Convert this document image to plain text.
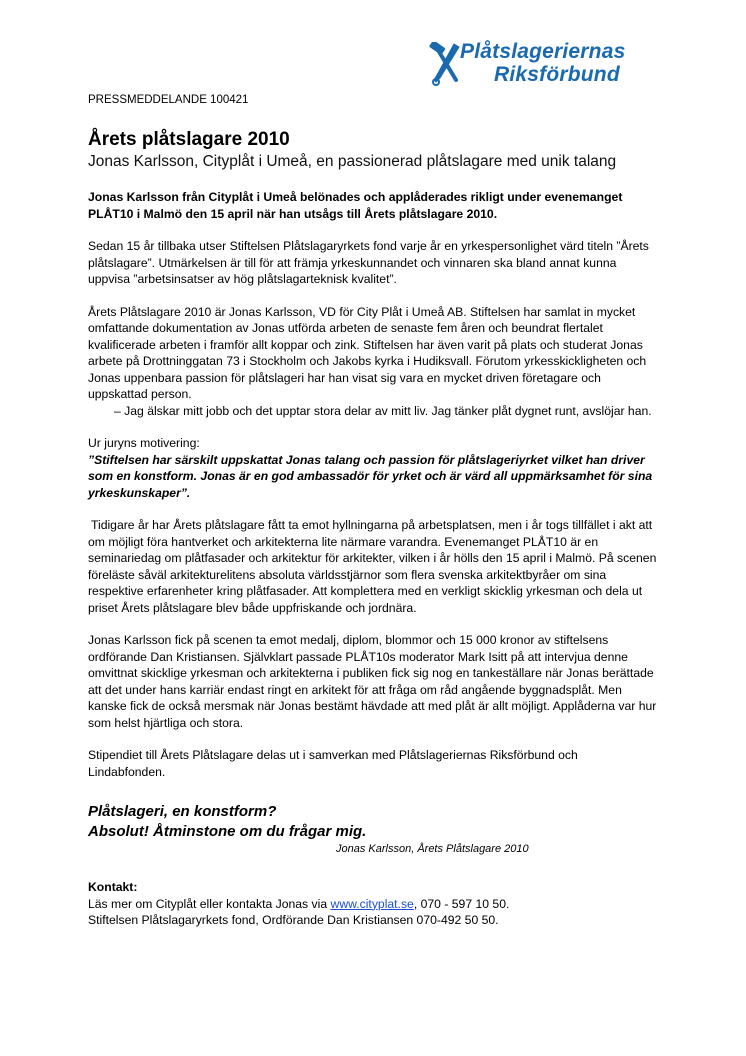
Plåtslageriernas
Riksförbund
PRESSMEDDELANDE 100421
Årets plåtslagare 2010
Jonas Karlsson, Cityplåt i Umeå, en passionerad plåtslagare med unik talang

Jonas Karlsson från Cityplåt i Umeå belönades och applåderades rikligt under evenemanget PLÅT10 i Malmö den 15 april när han utsågs till Årets plåtslagare 2010.

Sedan 15 år tillbaka utser Stiftelsen Plåtslagaryrkets fond varje år en yrkespersonlighet värd titeln ”Årets plåtslagare”. Utmärkelsen är till för att främja yrkeskunnandet och vinnaren ska bland annat kunna uppvisa ”arbetsinsatser av hög plåtslagarteknisk kvalitet”.

Årets Plåtslagare 2010 är Jonas Karlsson, VD för City Plåt i Umeå AB. Stiftelsen har samlat in mycket omfattande dokumentation av Jonas utförda arbeten de senaste fem åren och beundrat flertalet kvalificerade arbeten i framför allt koppar och zink. Stiftelsen har även varit på plats och studerat Jonas arbete på Drottninggatan 73 i Stockholm och Jakobs kyrka i Hudiksvall. Förutom yrkesskickligheten och Jonas uppenbara passion för plåtslageri har han visat sig vara en mycket driven företagare och uppskattad person.
– Jag älskar mitt jobb och det upptar stora delar av mitt liv. Jag tänker plåt dygnet runt, avslöjar han.

Ur juryns motivering:
”Stiftelsen har särskilt uppskattat Jonas talang och passion för plåtslageriyrket vilket han driver som en konstform. Jonas är en god ambassadör för yrket och är värd all uppmärksamhet för sina yrkeskunskaper”.

Tidigare år har Årets plåtslagare fått ta emot hyllningarna på arbetsplatsen, men i år togs tillfället i akt att om möjligt föra hantverket och arkitekterna lite närmare varandra. Evenemanget PLÅT10 är en seminariedag om plåtfasader och arkitektur för arkitekter, vilken i år hölls den 15 april i Malmö. På scenen föreläste såväl arkitekturelitens absoluta världsstjärnor som flera svenska arkitektbyråer om sina respektive erfarenheter kring plåtfasader. Att komplettera med en verkligt skicklig yrkesman och dela ut priset Årets plåtslagare blev både uppfriskande och jordnära.

Jonas Karlsson fick på scenen ta emot medalj, diplom, blommor och 15 000 kronor av stiftelsens ordförande Dan Kristiansen. Självklart passade PLÅT10s moderator Mark Isitt på att intervjua denne omvittnat skicklige yrkesman och arkitekterna i publiken fick sig nog en tankeställare när Jonas berättade att det under hans karriär endast ringt en arkitekt för att fråga om råd angående byggnadsplåt. Men kanske fick de också mersmak när Jonas bestämt hävdade att med plåt är allt möjligt. Applåderna var hur som helst hjärtliga och stora.

Stipendiet till Årets Plåtslagare delas ut i samverkan med Plåtslageriernas Riksförbund och Lindabfonden.

Plåtslageri, en konstform?
Absolut! Åtminstone om du frågar mig.
Jonas Karlsson, Årets Plåtslagare 2010

Kontakt:
Läs mer om Cityplåt eller kontakta Jonas via www.cityplat.se, 070 - 597 10 50.
Stiftelsen Plåtslagaryrkets fond, Ordförande Dan Kristiansen 070-492 50 50.
